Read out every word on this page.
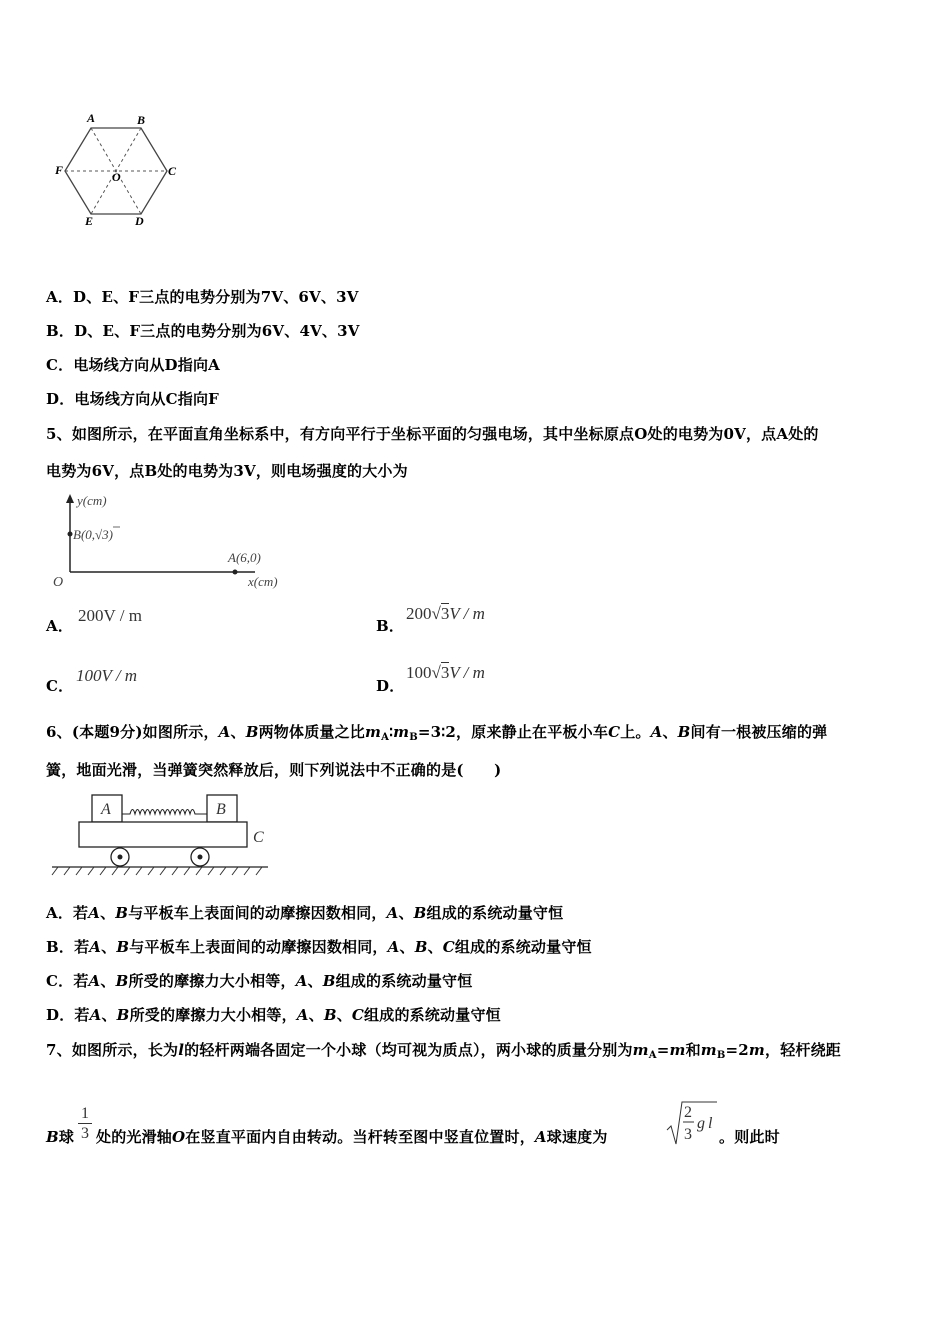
A	B
C
D
E
F	O
A．D、E、F三点的电势分别为7V、6V、3V
B．D、E、F三点的电势分别为6V、4V、3V
C．电场线方向从D指向A
D．电场线方向从C指向F
5、如图所示，在平面直角坐标系中，有方向平行于坐标平面的匀强电场，其中坐标原点O处的电势为0V，点A处的
电势为6V，点B处的电势为3V，则电场强度的大小为
y(cm)
B(0,√3)
A(6,0)
O	x(cm)
A．
200V / m
B．
200√3V / m
C．
100V / m
D．
100√3V / m
6、(本题9分)如图所示，A、B两物体质量之比$m_A∶m_B=3∶2$，原来静止在平板小车C上。A、B间有一根被压缩的弹
簧，地面光滑，当弹簧突然释放后，则下列说法中不正确的是(　　)
A	B
C
A．若A、B与平板车上表面间的动摩擦因数相同，A、B组成的系统动量守恒
B．若A、B与平板车上表面间的动摩擦因数相同，A、B、C组成的系统动量守恒
C．若A、B所受的摩擦力大小相等，A、B组成的系统动量守恒
D．若A、B所受的摩擦力大小相等，A、B、C组成的系统动量守恒
7、如图所示，长为l的轻杆两端各固定一个小球（均可视为质点），两小球的质量分别为$m_A=m$和$m_B=2m$，轻杆绕距
B球
1
3 处的光滑轴O在竖直平面内自由转动。当杆转至图中竖直位置时，A球速度为
2
3
g l
。则此时
